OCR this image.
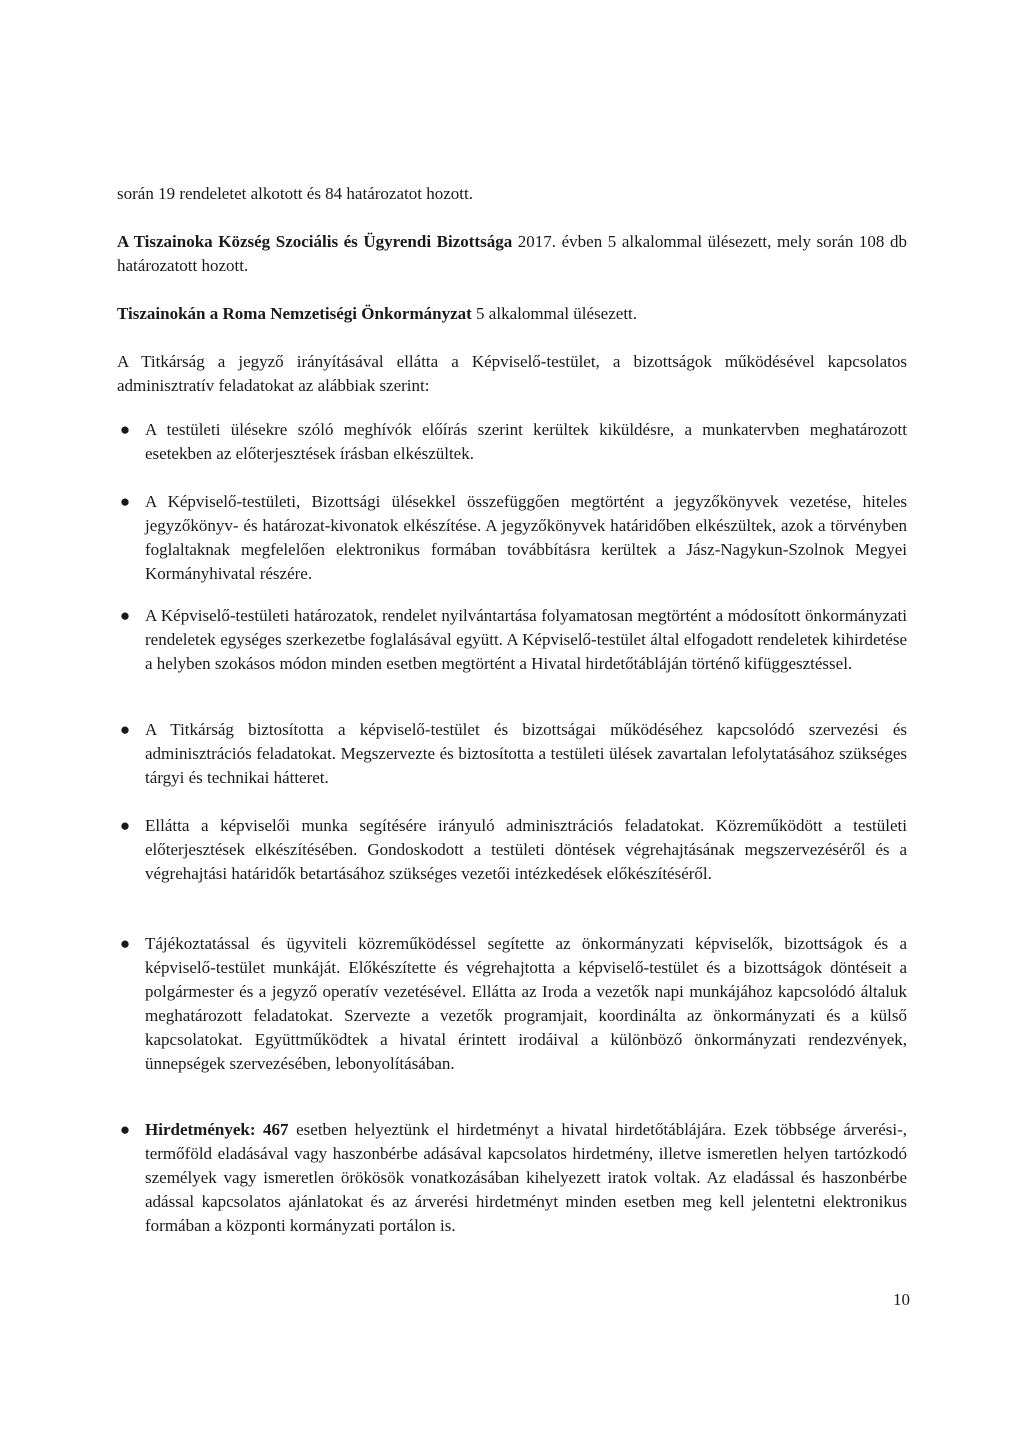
során 19 rendeletet alkotott és 84 határozatot hozott.

A Tiszainoka Község Szociális és Ügyrendi Bizottsága 2017. évben 5 alkalommal ülésezett, mely során 108 db határozatott hozott.

Tiszainokán a Roma Nemzetiségi Önkormányzat 5 alkalommal ülésezett.

A Titkárság a jegyző irányításával ellátta a Képviselő-testület, a bizottságok működésével kapcsolatos adminisztratív feladatokat az alábbiak szerint:

● A testületi ülésekre szóló meghívók előírás szerint kerültek kiküldésre, a munkatervben meghatározott esetekben az előterjesztések írásban elkészültek.
● A Képviselő-testületi, Bizottsági ülésekkel összefüggően megtörtént a jegyzőkönyvek vezetése, hiteles jegyzőkönyv- és határozat-kivonatok elkészítése. A jegyzőkönyvek határidőben elkészültek, azok a törvényben foglaltaknak megfelelően elektronikus formában továbbításra kerültek a Jász-Nagykun-Szolnok Megyei Kormányhivatal részére.
● A Képviselő-testületi határozatok, rendelet nyilvántartása folyamatosan megtörtént a módosított önkormányzati rendeletek egységes szerkezetbe foglalásával együtt. A Képviselő-testület által elfogadott rendeletek kihirdetése a helyben szokásos módon minden esetben megtörtént a Hivatal hirdetőtábláján történő kifüggesztéssel.
● A Titkárság biztosította a képviselő-testület és bizottságai működéséhez kapcsolódó szervezési és adminisztrációs feladatokat. Megszervezte és biztosította a testületi ülések zavartalan lefolytatásához szükséges tárgyi és technikai hátteret.
● Ellátta a képviselői munka segítésére irányuló adminisztrációs feladatokat. Közreműködött a testületi előterjesztések elkészítésében. Gondoskodott a testületi döntések végrehajtásának megszervezéséről és a végrehajtási határidők betartásához szükséges vezetői intézkedések előkészítéséről.
● Tájékoztatással és ügyviteli közreműködéssel segítette az önkormányzati képviselők, bizottságok és a képviselő-testület munkáját. Előkészítette és végrehajtotta a képviselő-testület és a bizottságok döntéseit a polgármester és a jegyző operatív vezetésével. Ellátta az Iroda a vezetők napi munkájához kapcsolódó általuk meghatározott feladatokat. Szervezte a vezetők programjait, koordinálta az önkormányzati és a külső kapcsolatokat. Együttműködtek a hivatal érintett irodáival a különböző önkormányzati rendezvények, ünnepségek szervezésében, lebonyolításában.
● Hirdetmények: 467 esetben helyeztünk el hirdetményt a hivatal hirdetőtáblájára. Ezek többsége árverési-, termőföld eladásával vagy haszonbérbe adásával kapcsolatos hirdetmény, illetve ismeretlen helyen tartózkodó személyek vagy ismeretlen örökösök vonatkozásában kihelyezett iratok voltak. Az eladással és haszonbérbe adással kapcsolatos ajánlatokat és az árverési hirdetményt minden esetben meg kell jelentetni elektronikus formában a központi kormányzati portálon is.
10
